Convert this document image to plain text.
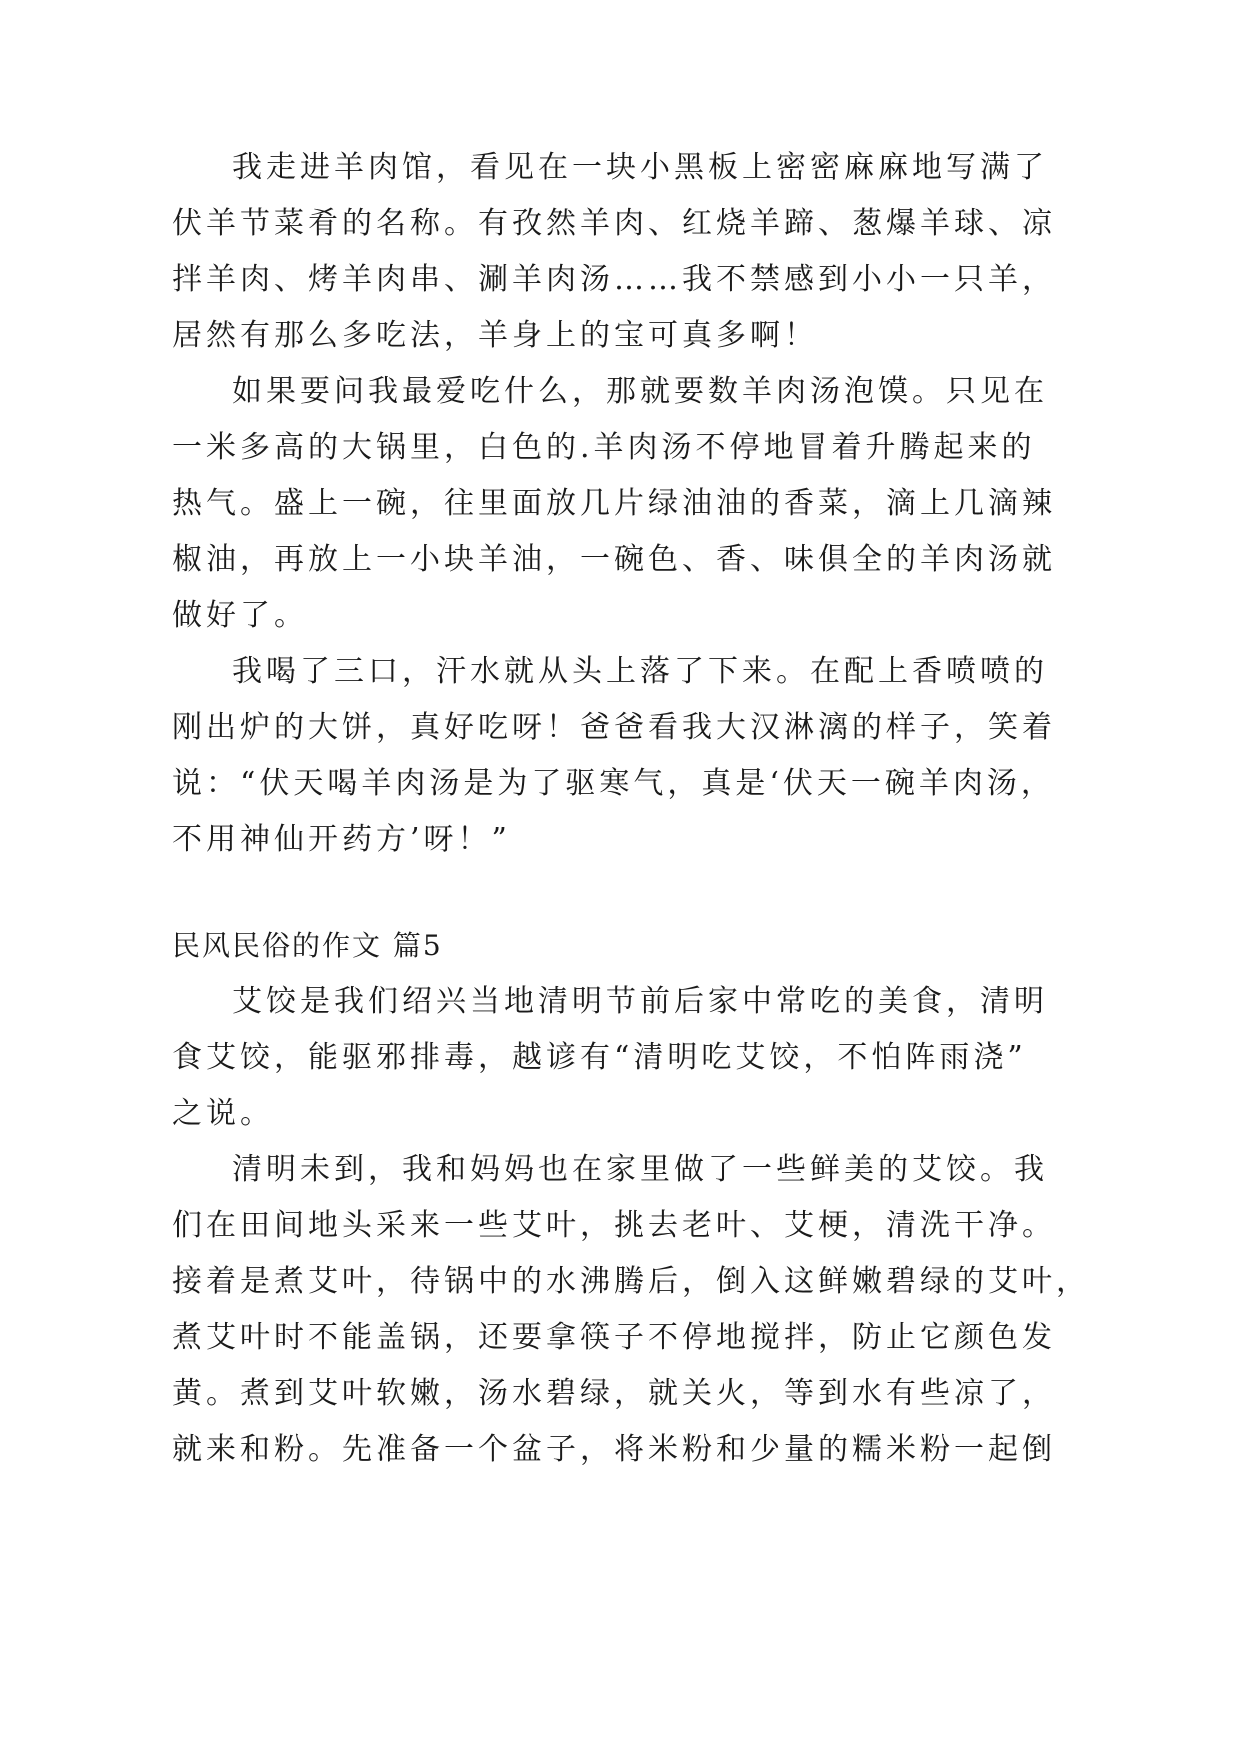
我走进羊肉馆，看见在一块小黑板上密密麻麻地写满了
伏羊节菜肴的名称。有孜然羊肉、红烧羊蹄、葱爆羊球、凉
拌羊肉、烤羊肉串、涮羊肉汤……我不禁感到小小一只羊，
居然有那么多吃法，羊身上的宝可真多啊！
如果要问我最爱吃什么，那就要数羊肉汤泡馍。只见在
一米多高的大锅里，白色的.羊肉汤不停地冒着升腾起来的
热气。盛上一碗，往里面放几片绿油油的香菜，滴上几滴辣
椒油，再放上一小块羊油，一碗色、香、味俱全的羊肉汤就
做好了。
我喝了三口，汗水就从头上落了下来。在配上香喷喷的
刚出炉的大饼，真好吃呀！爸爸看我大汉淋漓的样子，笑着
说：“伏天喝羊肉汤是为了驱寒气，真是‘伏天一碗羊肉汤，
不用神仙开药方’呀！”
民风民俗的作文 篇5
艾饺是我们绍兴当地清明节前后家中常吃的美食，清明
食艾饺，能驱邪排毒，越谚有“清明吃艾饺，不怕阵雨浇”
之说。
清明未到，我和妈妈也在家里做了一些鲜美的艾饺。我
们在田间地头采来一些艾叶，挑去老叶、艾梗，清洗干净。
接着是煮艾叶，待锅中的水沸腾后，倒入这鲜嫩碧绿的艾叶，
煮艾叶时不能盖锅，还要拿筷子不停地搅拌，防止它颜色发
黄。煮到艾叶软嫩，汤水碧绿，就关火，等到水有些凉了，
就来和粉。先准备一个盆子，将米粉和少量的糯米粉一起倒
